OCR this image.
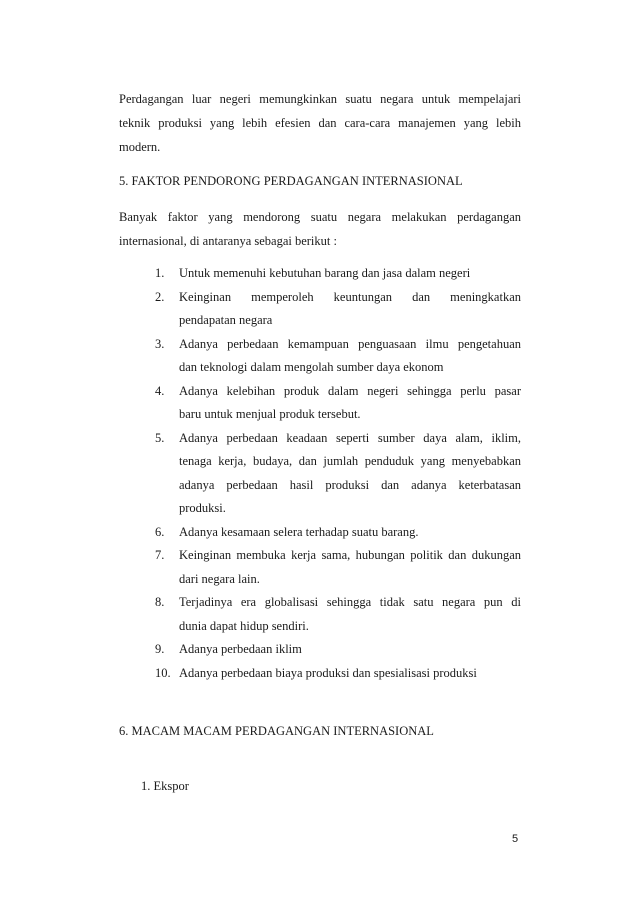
Perdagangan luar negeri memungkinkan suatu negara untuk mempelajari
teknik produksi yang lebih efesien dan cara-cara manajemen yang lebih
modern.
5. FAKTOR PENDORONG PERDAGANGAN INTERNASIONAL
Banyak faktor yang mendorong suatu negara melakukan perdagangan
internasional, di antaranya sebagai berikut :
1. Untuk memenuhi kebutuhan barang dan jasa dalam negeri
2. Keinginan memperoleh keuntungan dan meningkatkan
pendapatan negara
3. Adanya perbedaan kemampuan penguasaan ilmu pengetahuan
dan teknologi dalam mengolah sumber daya ekonom
4. Adanya kelebihan produk dalam negeri sehingga perlu pasar
baru untuk menjual produk tersebut.
5. Adanya perbedaan keadaan seperti sumber daya alam, iklim,
tenaga kerja, budaya, dan jumlah penduduk yang menyebabkan
adanya perbedaan hasil produksi dan adanya keterbatasan
produksi.
6. Adanya kesamaan selera terhadap suatu barang.
7. Keinginan membuka kerja sama, hubungan politik dan dukungan
dari negara lain.
8. Terjadinya era globalisasi sehingga tidak satu negara pun di
dunia dapat hidup sendiri.
9. Adanya perbedaan iklim
10. Adanya perbedaan biaya produksi dan spesialisasi produksi
6. MACAM MACAM PERDAGANGAN INTERNASIONAL
1. Ekspor
5
